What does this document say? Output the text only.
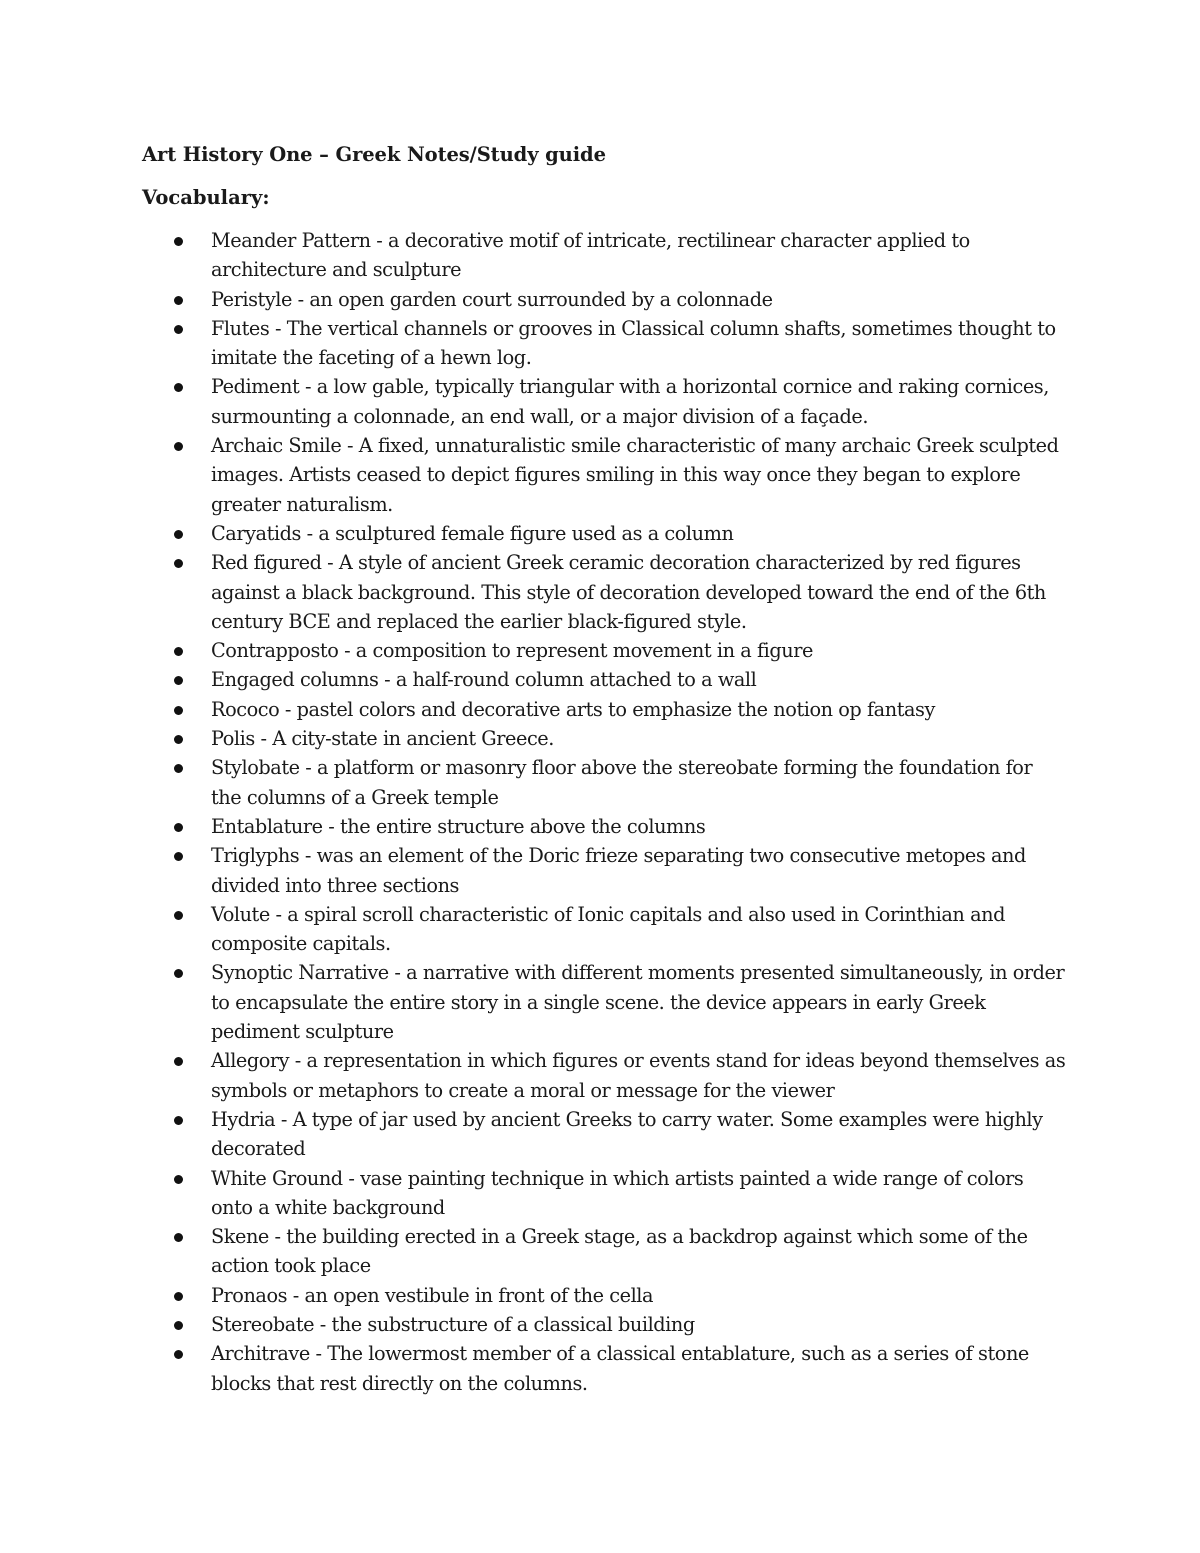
Art History One – Greek Notes/Study guide
Vocabulary:
Meander Pattern - a decorative motif of intricate, rectilinear character applied to architecture and sculpture
Peristyle - an open garden court surrounded by a colonnade
Flutes - The vertical channels or grooves in Classical column shafts, sometimes thought to imitate the faceting of a hewn log.
Pediment - a low gable, typically triangular with a horizontal cornice and raking cornices, surmounting a colonnade, an end wall, or a major division of a façade.
Archaic Smile - A fixed, unnaturalistic smile characteristic of many archaic Greek sculpted images. Artists ceased to depict figures smiling in this way once they began to explore greater naturalism.
Caryatids - a sculptured female figure used as a column
Red figured - A style of ancient Greek ceramic decoration characterized by red figures against a black background. This style of decoration developed toward the end of the 6th century BCE and replaced the earlier black-figured style.
Contrapposto - a composition to represent movement in a figure
Engaged columns - a half-round column attached to a wall
Rococo - pastel colors and decorative arts to emphasize the notion op fantasy
Polis - A city-state in ancient Greece.
Stylobate - a platform or masonry floor above the stereobate forming the foundation for the columns of a Greek temple
Entablature - the entire structure above the columns
Triglyphs - was an element of the Doric frieze separating two consecutive metopes and divided into three sections
Volute - a spiral scroll characteristic of Ionic capitals and also used in Corinthian and composite capitals.
Synoptic Narrative - a narrative with different moments presented simultaneously, in order to encapsulate the entire story in a single scene. the device appears in early Greek pediment sculpture
Allegory - a representation in which figures or events stand for ideas beyond themselves as symbols or metaphors to create a moral or message for the viewer
Hydria - A type of jar used by ancient Greeks to carry water. Some examples were highly decorated
White Ground - vase painting technique in which artists painted a wide range of colors onto a white background
Skene - the building erected in a Greek stage, as a backdrop against which some of the action took place
Pronaos - an open vestibule in front of the cella
Stereobate - the substructure of a classical building
Architrave - The lowermost member of a classical entablature, such as a series of stone blocks that rest directly on the columns.
